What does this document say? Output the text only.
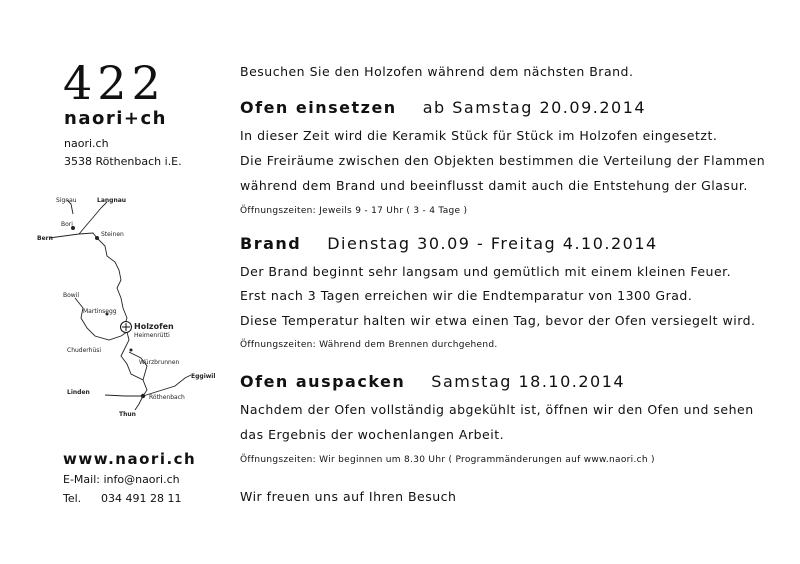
422
naori+ch
naori.ch
3538 Röthenbach i.E.
Signau	Langnau
Bori
Bern
Steinen
Bowil
Martinsegg
Holzofen
Heimenrütti
Chuderhüsi
Würzbrunnen
Eggiwil
Linden
Röthenbach
Thun
www.naori.ch
E-Mail: info@naori.ch
Tel. 034 491 28 11
Besuchen Sie den Holzofen während dem nächsten Brand.
Ofen einsetzen ab Samstag 20.09.2014
In dieser Zeit wird die Keramik Stück für Stück im Holzofen eingesetzt.
Die Freiräume zwischen den Objekten bestimmen die Verteilung der Flammen
während dem Brand und beeinflusst damit auch die Entstehung der Glasur.
Öffnungszeiten: Jeweils 9 - 17 Uhr ( 3 - 4 Tage )
Brand Dienstag 30.09 - Freitag 4.10.2014
Der Brand beginnt sehr langsam und gemütlich mit einem kleinen Feuer.
Erst nach 3 Tagen erreichen wir die Endtemparatur von 1300 Grad.
Diese Temperatur halten wir etwa einen Tag, bevor der Ofen versiegelt wird.
Öffnungszeiten: Während dem Brennen durchgehend.
Ofen auspacken Samstag 18.10.2014
Nachdem der Ofen vollständig abgekühlt ist, öffnen wir den Ofen und sehen
das Ergebnis der wochenlangen Arbeit.
Öffnungszeiten: Wir beginnen um 8.30 Uhr ( Programmänderungen auf www.naori.ch )
Wir freuen uns auf Ihren Besuch
